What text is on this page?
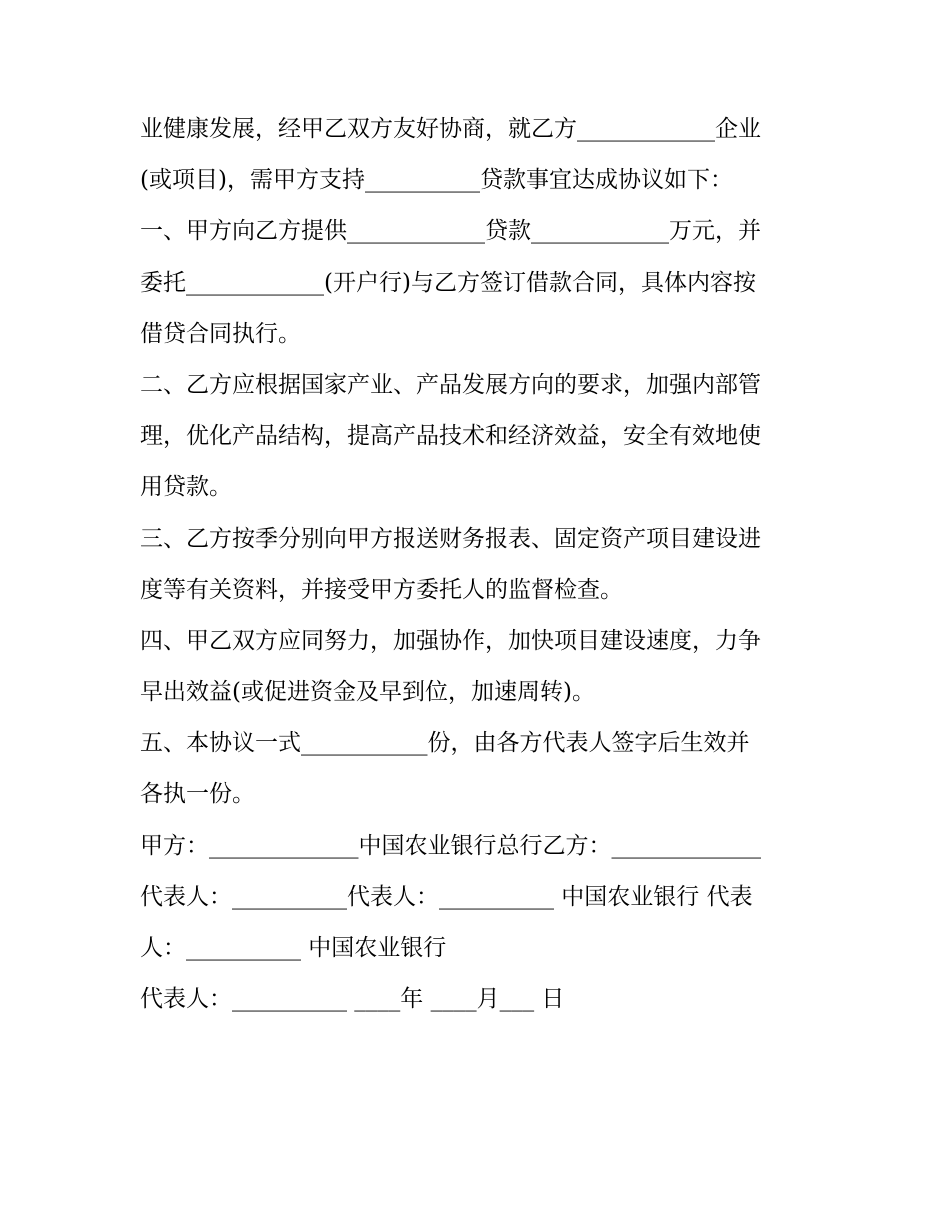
业健康发展，经甲乙双方友好协商，就乙方____________企业
(或项目)，需甲方支持__________贷款事宜达成协议如下：
一、甲方向乙方提供____________贷款____________万元，并
委托____________(开户行)与乙方签订借款合同，具体内容按
借贷合同执行。
二、乙方应根据国家产业、产品发展方向的要求，加强内部管
理，优化产品结构，提高产品技术和经济效益，安全有效地使
用贷款。
三、乙方按季分别向甲方报送财务报表、固定资产项目建设进
度等有关资料，并接受甲方委托人的监督检查。
四、甲乙双方应同努力，加强协作，加快项目建设速度，力争
早出效益(或促进资金及早到位，加速周转)。
五、本协议一式___________份，由各方代表人签字后生效并
各执一份。
甲方：_____________中国农业银行总行乙方：_____________
代表人：__________代表人：__________ 中国农业银行 代表
人：__________ 中国农业银行
代表人：__________ ____年 ____月___ 日
